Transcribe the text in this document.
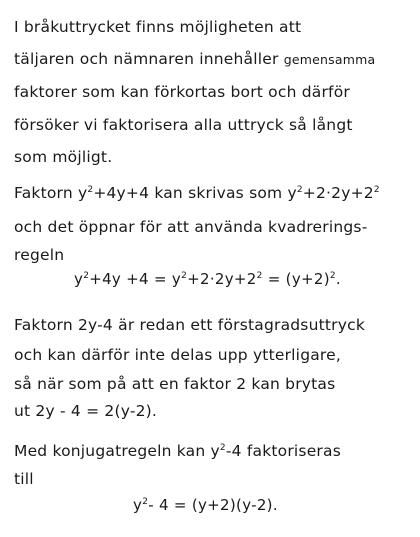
I bråkuttrycket finns möjligheten att
täljaren och nämnaren innehåller gemensamma
faktorer som kan förkortas bort och därför
försöker vi faktorisera alla uttryck så långt
som möjligt.
Faktorn $y^2+4y+4$ kan skrivas som $y^2+2\cdot 2y+2^2$
och det öppnar för att använda kvadrerings-
regeln
$y^2+4y +4 = y^2+2\cdot 2y+2^2 = (y+2)^2$.
Faktorn 2y-4 är redan ett förstagradsuttryck
och kan därför inte delas upp ytterligare,
så när som på att en faktor 2 kan brytas
ut 2y - 4 = 2(y-2).
Med konjugatregeln kan $y^2-4$ faktoriseras
till
$y^2-$ 4 = (y+2)(y-2).
